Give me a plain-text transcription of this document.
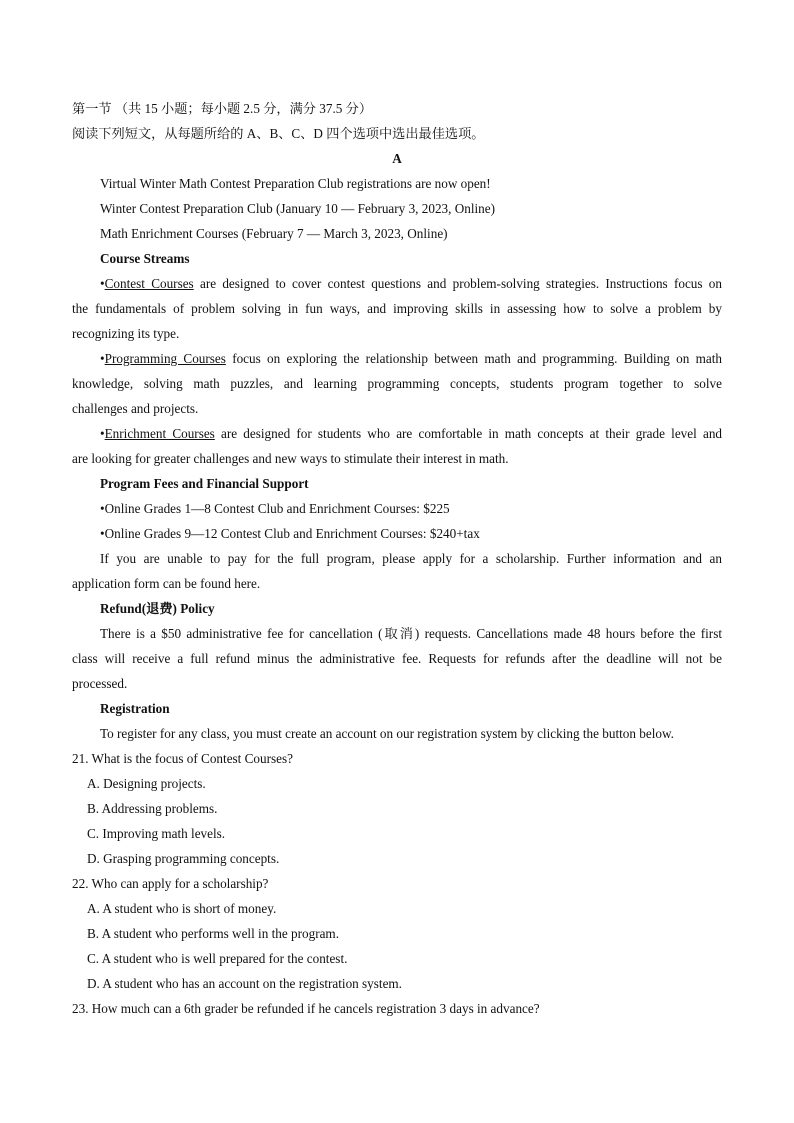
第一节 （共 15 小题；每小题 2.5 分，满分 37.5 分）

阅读下列短文，从每题所给的 A、B、C、D 四个选项中选出最佳选项。

A

Virtual Winter Math Contest Preparation Club registrations are now open!

Winter Contest Preparation Club (January 10 — February 3, 2023, Online)

Math Enrichment Courses (February 7 — March 3, 2023, Online)

Course Streams

•Contest Courses are designed to cover contest questions and problem-solving strategies. Instructions focus on

the fundamentals of problem solving in fun ways, and improving skills in assessing how to solve a problem by

recognizing its type.

•Programming Courses focus on exploring the relationship between math and programming. Building on math

knowledge, solving math puzzles, and learning programming concepts, students program together to solve

challenges and projects.

•Enrichment Courses are designed for students who are comfortable in math concepts at their grade level and

are looking for greater challenges and new ways to stimulate their interest in math.

Program Fees and Financial Support

•Online Grades 1—8 Contest Club and Enrichment Courses: $225

•Online Grades 9—12 Contest Club and Enrichment Courses: $240+tax

If you are unable to pay for the full program, please apply for a scholarship. Further information and an

application form can be found here.

Refund(退费) Policy

There is a $50 administrative fee for cancellation (取消) requests. Cancellations made 48 hours before the first

class will receive a full refund minus the administrative fee. Requests for refunds after the deadline will not be

processed.

Registration

To register for any class, you must create an account on our registration system by clicking the button below.

21. What is the focus of Contest Courses?

A. Designing projects.

B. Addressing problems.

C. Improving math levels.

D. Grasping programming concepts.

22. Who can apply for a scholarship?

A. A student who is short of money.

B. A student who performs well in the program.

C. A student who is well prepared for the contest.

D. A student who has an account on the registration system.

23. How much can a 6th grader be refunded if he cancels registration 3 days in advance?
